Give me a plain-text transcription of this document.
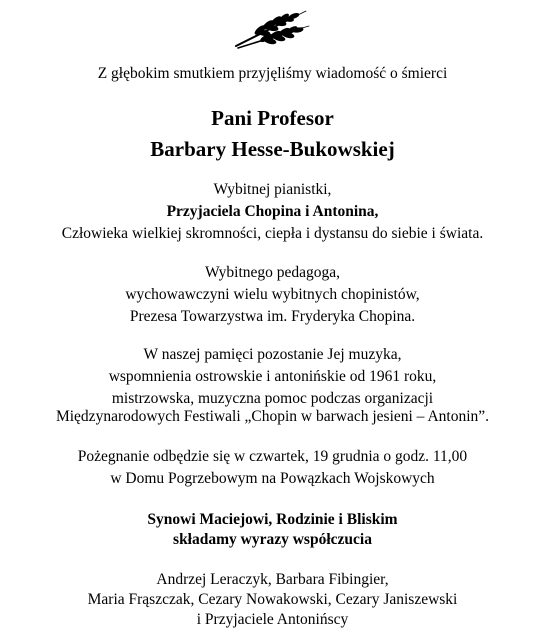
Z głębokim smutkiem przyjęliśmy wiadomość o śmierci
Pani Profesor
Barbary Hesse-Bukowskiej
Wybitnej pianistki,
Przyjaciela Chopina i Antonina,
Człowieka wielkiej skromności, ciepła i dystansu do siebie i świata.
Wybitnego pedagoga,
wychowawczyni wielu wybitnych chopinistów,
Prezesa Towarzystwa im. Fryderyka Chopina.
W naszej pamięci pozostanie Jej muzyka,
wspomnienia ostrowskie i antonińskie od 1961 roku,
mistrzowska, muzyczna pomoc podczas organizacji
Międzynarodowych Festiwali „Chopin w barwach jesieni – Antonin”.
Pożegnanie odbędzie się w czwartek, 19 grudnia o godz. 11,00
w Domu Pogrzebowym na Powązkach Wojskowych
Synowi Maciejowi, Rodzinie i Bliskim
składamy wyrazy współczucia
Andrzej Leraczyk, Barbara Fibingier,
Maria Frąszczak, Cezary Nowakowski, Cezary Janiszewski
i Przyjaciele Antonińscy
